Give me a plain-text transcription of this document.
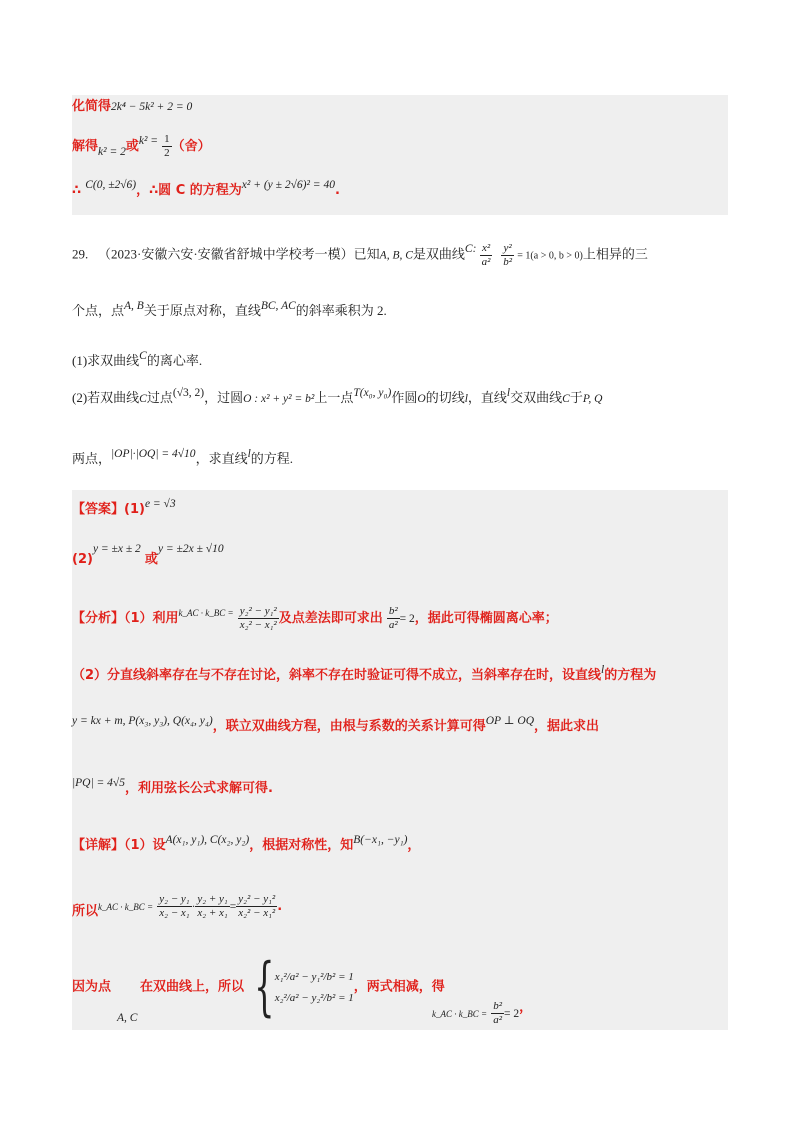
化简得2k⁴ − 5k² + 2 = 0
解得k² = 2或$k^2 = \frac{1}{2}$ （舍）
∴ C(0, ±2√6)，∴圆 C 的方程为x² + (y ± 2√6)² = 40.
29. （2023·安徽六安·安徽省舒城中学校考一模）已知A, B, C是双曲线C: $\frac{\text{x²}}{\text{a²}}$
$\frac{\text{y²}}{\text{b²}} = 1(a > 0$, b > 0)上相异的三
个点，点A, B关于原点对称，直线BC, AC的斜率乘积为 2.
(1)求双曲线C的离心率.
(2)若双曲线C过点(√3, 2)，过圆O : x² + y² = b²上一点T(x₀, y₀)作圆O的切线l，直线l交双曲线C于P, Q
两点，|OP|·|OQ| = 4√10，求直线l的方程.
【答案】(1)e = √3
(2)y = ±x ± 2 或y = ±2x ± √10
【分析】（1）利用$^{k\_AC \cdot k\_BC =} \frac{\text{y₂² − y₁²}}{\text{x₂² − x₁²}}$ 及点差法即可求出 $\frac{\text{b²}}{\text{a²}} = 2$，据此可得椭圆离心率；
（2）分直线斜率存在与不存在讨论，斜率不存在时验证可得不成立，当斜率存在时，设直线l的方程为
y = kx + m, P(x₃, y₃), Q(x₄, y₄)，联立双曲线方程，由根与系数的关系计算可得OP ⊥ OQ，据此求出
|PQ| = 4√5，利用弦长公式求解可得.
【详解】（1）设A(x₁, y₁), C(x₂, y₂)，根据对称性，知B(−x₁, −y₁)，
所以k_AC · k_BC = $\frac{\text{y₂ − y₁}}{\text{x₂ − x₁}} \cdot \frac{\text{y₂ + y₁}}{\text{x₂ + x₁}} = \frac{\text{y₂² − y₁²}}{\text{x₂² − x₁²}}$ .
因为点 在双曲线上，所以 { x₁²/a² − y₁²/b² = 1
x₂²/a² − y₂²/b² = 1
，两式相减，得
A, C	k_AC · k_BC = $\frac{\text{b²}}{\text{a²}} = 2$，
